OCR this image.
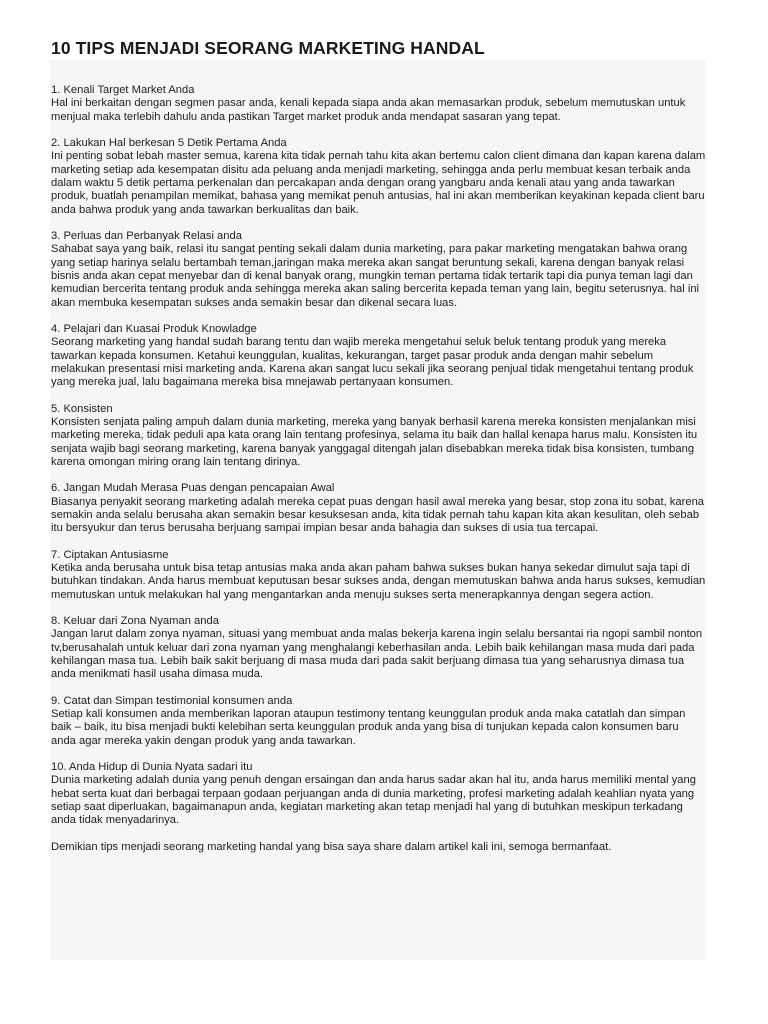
10 TIPS MENJADI SEORANG MARKETING HANDAL

1. Kenali Target Market Anda

Hal ini berkaitan dengan segmen pasar anda, kenali kepada siapa anda akan memasarkan produk, sebelum memutuskan untuk menjual maka terlebih dahulu anda pastikan Target market produk anda mendapat sasaran yang tepat.

2. Lakukan Hal berkesan 5 Detik Pertama Anda

Ini penting sobat lebah master semua, karena kita tidak pernah tahu kita akan bertemu calon client dimana dan kapan karena dalam marketing setiap ada kesempatan disitu ada peluang anda menjadi marketing, sehingga anda perlu membuat kesan terbaik anda dalam waktu 5 detik pertama perkenalan dan percakapan anda dengan orang yangbaru anda kenali atau yang anda tawarkan produk, buatlah penampilan memikat, bahasa yang memikat penuh antusias, hal ini akan memberikan keyakinan kepada client baru anda bahwa produk yang anda tawarkan berkualitas dan baik.

3. Perluas dan Perbanyak Relasi anda

Sahabat saya yang baik, relasi itu sangat penting sekali dalam dunia marketing, para pakar marketing mengatakan bahwa orang yang setiap harinya selalu bertambah teman,jaringan maka mereka akan sangat beruntung sekali, karena dengan banyak relasi bisnis anda akan cepat menyebar dan di kenal banyak orang, mungkin teman pertama tidak tertarik tapi dia punya teman lagi dan kemudian bercerita tentang produk anda sehingga mereka akan saling bercerita kepada teman yang lain, begitu seterusnya. hal ini akan membuka kesempatan sukses anda semakin besar dan dikenal secara luas.

4. Pelajari dan Kuasai Produk Knowladge

Seorang marketing yang handal sudah barang tentu dan wajib mereka mengetahui seluk beluk tentang produk yang mereka tawarkan kepada konsumen. Ketahui keunggulan, kualitas, kekurangan, target pasar produk anda dengan mahir sebelum melakukan presentasi misi marketing anda. Karena akan sangat lucu sekali jika seorang penjual tidak mengetahui tentang produk yang mereka jual, lalu bagaimana mereka bisa mnejawab pertanyaan konsumen.

5. Konsisten

Konsisten senjata paling ampuh dalam dunia marketing, mereka yang banyak berhasil karena mereka konsisten menjalankan misi marketing mereka, tidak peduli apa kata orang lain tentang profesinya, selama itu baik dan hallal kenapa harus malu. Konsisten itu senjata wajib bagi seorang marketing, karena banyak yanggagal ditengah jalan disebabkan mereka tidak bisa konsisten, tumbang karena omongan miring orang lain tentang dirinya.

6. Jangan Mudah Merasa Puas dengan pencapaian Awal

Biasanya penyakit seorang marketing adalah mereka cepat puas dengan hasil awal mereka yang besar, stop zona itu sobat, karena semakin anda selalu berusaha akan semakin besar kesuksesan anda, kita tidak pernah tahu kapan kita akan kesulitan, oleh sebab itu bersyukur dan terus berusaha berjuang sampai impian besar anda bahagia dan sukses di usia tua tercapai.

7. Ciptakan Antusiasme

Ketika anda berusaha untuk bisa tetap antusias maka anda akan paham bahwa sukses bukan hanya sekedar dimulut saja tapi di butuhkan tindakan. Anda harus membuat keputusan besar sukses anda, dengan memutuskan bahwa anda harus sukses, kemudian memutuskan untuk melakukan hal yang mengantarkan anda menuju sukses serta menerapkannya dengan segera action.

8. Keluar dari Zona Nyaman anda

Jangan larut dalam zonya nyaman, situasi yang membuat anda malas bekerja karena ingin selalu bersantai ria ngopi sambil nonton tv,berusahalah untuk keluar dari zona nyaman yang menghalangi keberhasilan anda. Lebih baik kehilangan masa muda dari pada kehilangan masa tua. Lebih baik sakit berjuang di masa muda dari pada sakit berjuang dimasa tua yang seharusnya dimasa tua anda menikmati hasil usaha dimasa muda.

9. Catat dan Simpan testimonial konsumen anda

Setiap kali konsumen anda memberikan laporan ataupun testimony tentang keunggulan produk anda maka catatlah dan simpan baik – baik, itu bisa menjadi bukti kelebihan serta keunggulan produk anda yang bisa di tunjukan kepada calon konsumen baru anda agar mereka yakin dengan produk yang anda tawarkan.

10. Anda Hidup di Dunia Nyata sadari itu

Dunia marketing adalah dunia yang penuh dengan ersaingan dan anda harus sadar akan hal itu, anda harus memiliki mental yang hebat serta kuat dari berbagai terpaan godaan perjuangan anda di dunia marketing, profesi marketing adalah keahlian nyata yang setiap saat diperluakan, bagaimanapun anda, kegiatan marketing akan tetap menjadi hal yang di butuhkan meskipun terkadang anda tidak menyadarinya.

Demikian tips menjadi seorang marketing handal yang bisa saya share dalam artikel kali ini, semoga bermanfaat.
